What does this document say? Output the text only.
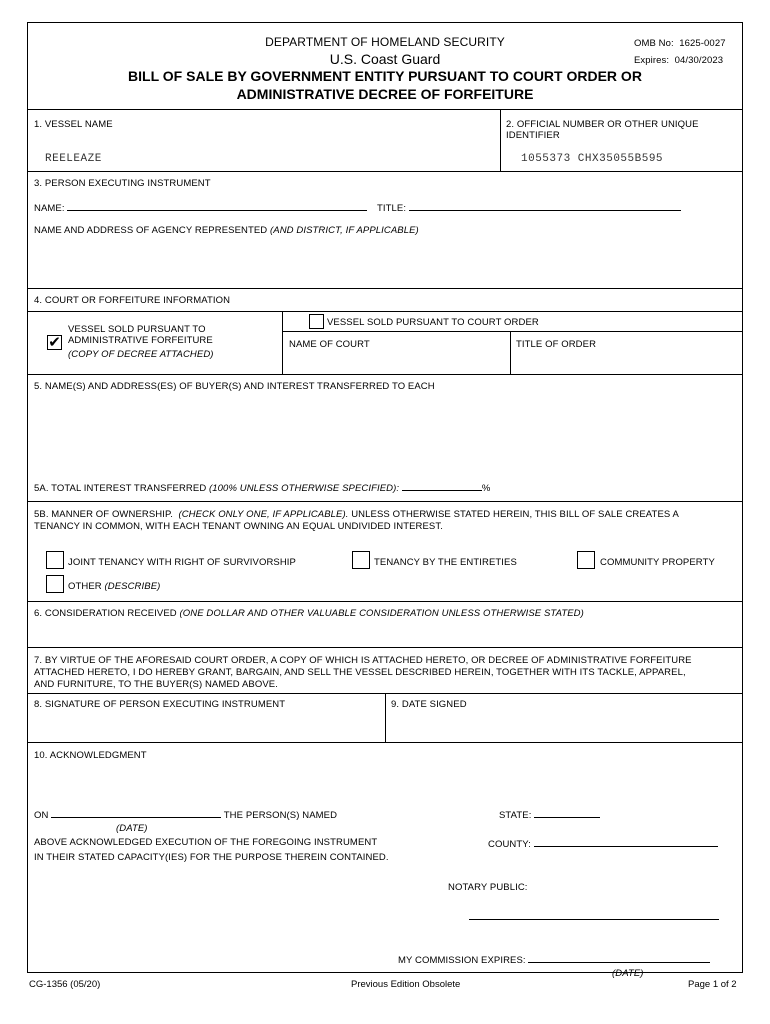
DEPARTMENT OF HOMELAND SECURITY
U.S. Coast Guard
BILL OF SALE BY GOVERNMENT ENTITY PURSUANT TO COURT ORDER OR
ADMINISTRATIVE DECREE OF FORFEITURE
OMB No: 1625-0027
Expires: 04/30/2023
1. VESSEL NAME
REELEAZE
2. OFFICIAL NUMBER OR OTHER UNIQUE
IDENTIFIER
1055373 CHX35055B595
3. PERSON EXECUTING INSTRUMENT
NAME:	TITLE:
NAME AND ADDRESS OF AGENCY REPRESENTED (AND DISTRICT, IF APPLICABLE)
4. COURT OR FORFEITURE INFORMATION
✔
VESSEL SOLD PURSUANT TO
ADMINISTRATIVE FORFEITURE
(COPY OF DECREE ATTACHED)
VESSEL SOLD PURSUANT TO COURT ORDER
NAME OF COURT	TITLE OF ORDER
5. NAME(S) AND ADDRESS(ES) OF BUYER(S) AND INTEREST TRANSFERRED TO EACH
5A. TOTAL INTEREST TRANSFERRED (100% UNLESS OTHERWISE SPECIFIED):	%
5B. MANNER OF OWNERSHIP. (CHECK ONLY ONE, IF APPLICABLE). UNLESS OTHERWISE STATED HEREIN, THIS BILL OF SALE CREATES A
TENANCY IN COMMON, WITH EACH TENANT OWNING AN EQUAL UNDIVIDED INTEREST.
JOINT TENANCY WITH RIGHT OF SURVIVORSHIP	TENANCY BY THE ENTIRETIES	COMMUNITY PROPERTY
OTHER (DESCRIBE)
6. CONSIDERATION RECEIVED (ONE DOLLAR AND OTHER VALUABLE CONSIDERATION UNLESS OTHERWISE STATED)
7. BY VIRTUE OF THE AFORESAID COURT ORDER, A COPY OF WHICH IS ATTACHED HERETO, OR DECREE OF ADMINISTRATIVE FORFEITURE
ATTACHED HERETO, I DO HEREBY GRANT, BARGAIN, AND SELL THE VESSEL DESCRIBED HEREIN, TOGETHER WITH ITS TACKLE, APPAREL,
AND FURNITURE, TO THE BUYER(S) NAMED ABOVE.
8. SIGNATURE OF PERSON EXECUTING INSTRUMENT	9. DATE SIGNED
10. ACKNOWLEDGMENT
ON	THE PERSON(S) NAMED
(DATE)
ABOVE ACKNOWLEDGED EXECUTION OF THE FOREGOING INSTRUMENT
IN THEIR STATED CAPACITY(IES) FOR THE PURPOSE THEREIN CONTAINED.
STATE:
COUNTY:
NOTARY PUBLIC:
MY COMMISSION EXPIRES:
(DATE)
CG-1356 (05/20)	Previous Edition Obsolete	Page 1 of 2
